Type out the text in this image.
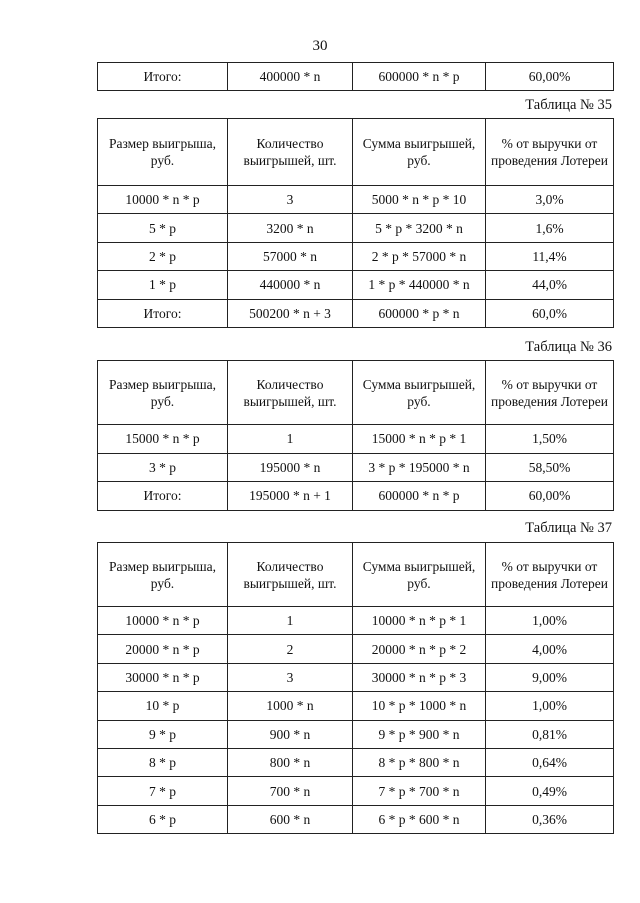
30
Итого:	400000 * n	600000 * n * p	60,00%
Таблица № 35
Размер выигрыша, руб.	Количество выигрышей, шт.	Сумма выигрышей, руб.	% от выручки от проведения Лотереи
10000 * n * p	3	5000 * n * p * 10	3,0%
5 * p	3200 * n	5 * p * 3200 * n	1,6%
2 * p	57000 * n	2 * p * 57000 * n	11,4%
1 * p	440000 * n	1 * p * 440000 * n	44,0%
Итого:	500200 * n + 3	600000 * p * n	60,0%
Таблица № 36
Размер выигрыша, руб.	Количество выигрышей, шт.	Сумма выигрышей, руб.	% от выручки от проведения Лотереи
15000 * n * p	1	15000 * n * p * 1	1,50%
3 * p	195000 * n	3 * p * 195000 * n	58,50%
Итого:	195000 * n + 1	600000 * n * p	60,00%
Таблица № 37
Размер выигрыша, руб.	Количество выигрышей, шт.	Сумма выигрышей, руб.	% от выручки от проведения Лотереи
10000 * n * p	1	10000 * n * p * 1	1,00%
20000 * n * p	2	20000 * n * p * 2	4,00%
30000 * n * p	3	30000 * n * p * 3	9,00%
10 * p	1000 * n	10 * p * 1000 * n	1,00%
9 * p	900 * n	9 * p * 900 * n	0,81%
8 * p	800 * n	8 * p * 800 * n	0,64%
7 * p	700 * n	7 * p * 700 * n	0,49%
6 * p	600 * n	6 * p * 600 * n	0,36%
